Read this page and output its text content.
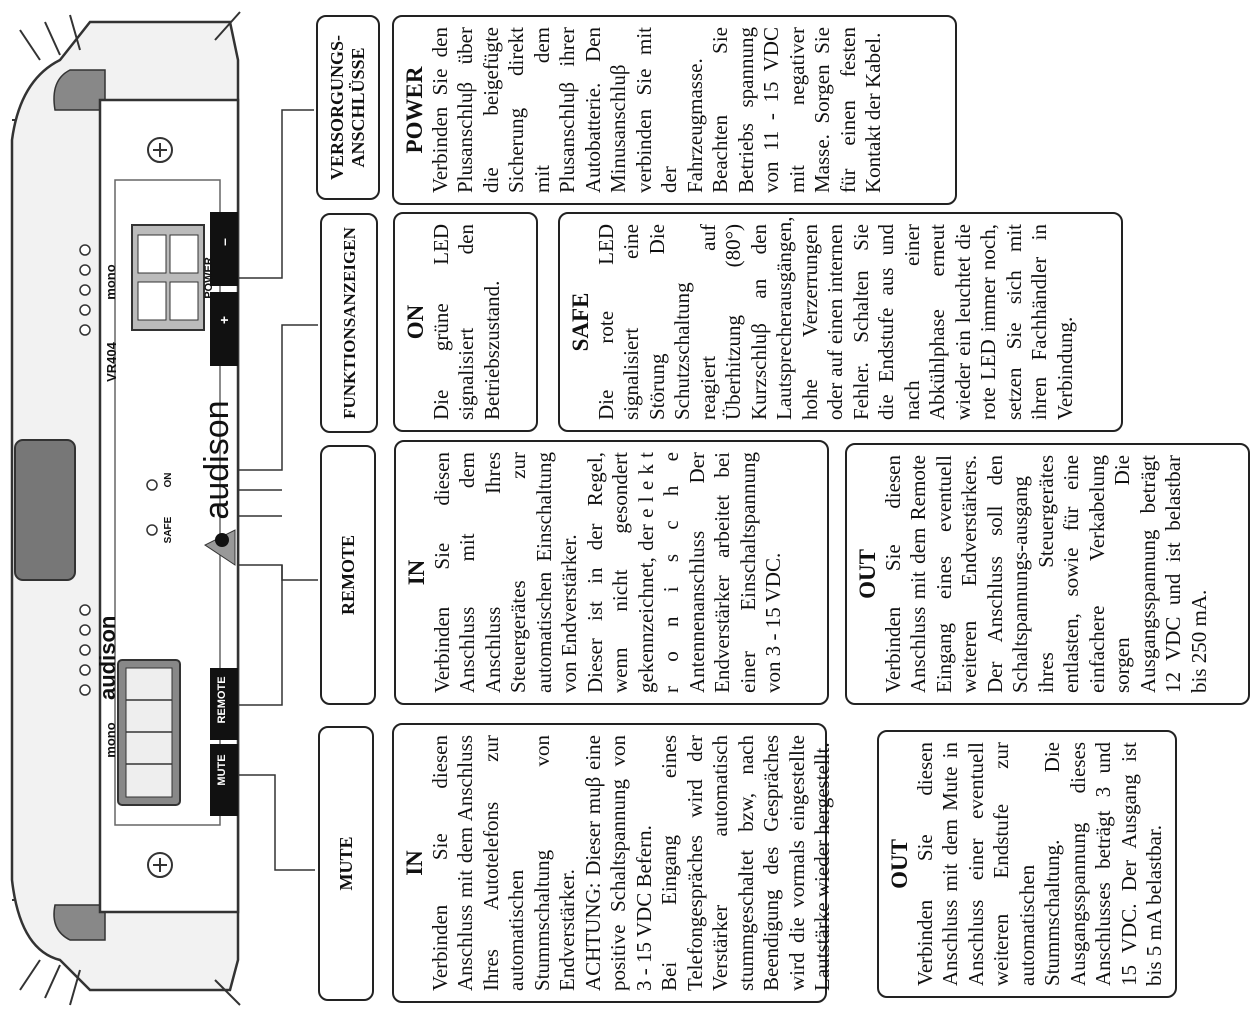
mono
mono
audison
VR404
POWER
+
–
audison
SAFE
ON
MUTE
REMOTE
VERSORGUNGS-
ANSCHLÜSSE
FUNKTIONSANZEIGEN
REMOTE
MUTE
POWER Verbinden Sie den Plusanschluβ über die beigefügte Sicherung direkt mit dem Plusanschluβ ihrer Autobatterie. Den Minusanschluβ verbinden Sie mit der Fahrzeugmasse. Beachten Sie Betriebs spannung von 11 - 15 VDC mit negativer Masse. Sorgen Sie für einen festen Kontakt der Kabel.

ON Die grüne LED signalisiert den Betriebszustand.	SAFE Die rote LED signalisiert eine Störung Die Schutzschaltung reagiert auf Überhitzung (80°) Kurzschluβ an den Lautsprecherausgängen, hohe Verzerrungen oder auf einen internen Fehler. Schalten Sie die Endstufe aus und nach einer Abkühlphase erneut wieder ein leuchtet die rote LED immer noch, setzen Sie sich mit ihren Fachhändler in Verbindung.

IN Verbinden Sie diesen Anschluss mit dem Anschluss Ihres Steuergerätes zur automatischen Einschaltung von Endverstärker. Dieser ist in der Regel, wenn nicht gesondert gekennzeichnet, der e l e k t r o n i s c h e Antennenanschluss Der Endverstärker arbeitet bei einer Einschaltspannung von 3 - 15 VDC.	OUT Verbinden Sie diesen Anschluss mit dem Remote Eingang eines eventuell weiteren Endverstärkers. Der Anschluss soll den Schaltspannungs-ausgang ihres Steuergerätes entlasten, sowie für eine einfachere Verkabelung sorgen Die Ausgangsspannung beträgt 12 VDC und ist belastbar bis 250 mA.

IN Verbinden Sie diesen Anschluss mit dem Anschluss Ihres Autotelefons zur automatischen Stummschaltung von Endverstärker. ACHTUNG: Dieser muβ eine positive Schaltspannung von 3 - 15 VDC Befern. Bei Eingang eines Telefongespräches wird der Verstärker automatisch stummgeschaltet bzw, nach Beendigung des Gespräches wird die vormals eingestellte Lautstärke wieder hergestellt. OUT Verbinden Sie diesen Anschluss mit dem Mute in Anschluss einer eventuell weiteren Endstufe zur automatischen Stummschaltung. Die Ausgangsspannung dieses Anschlusses beträgt 3 und 15 VDC. Der Ausgang ist bis 5 mA belastbar.
